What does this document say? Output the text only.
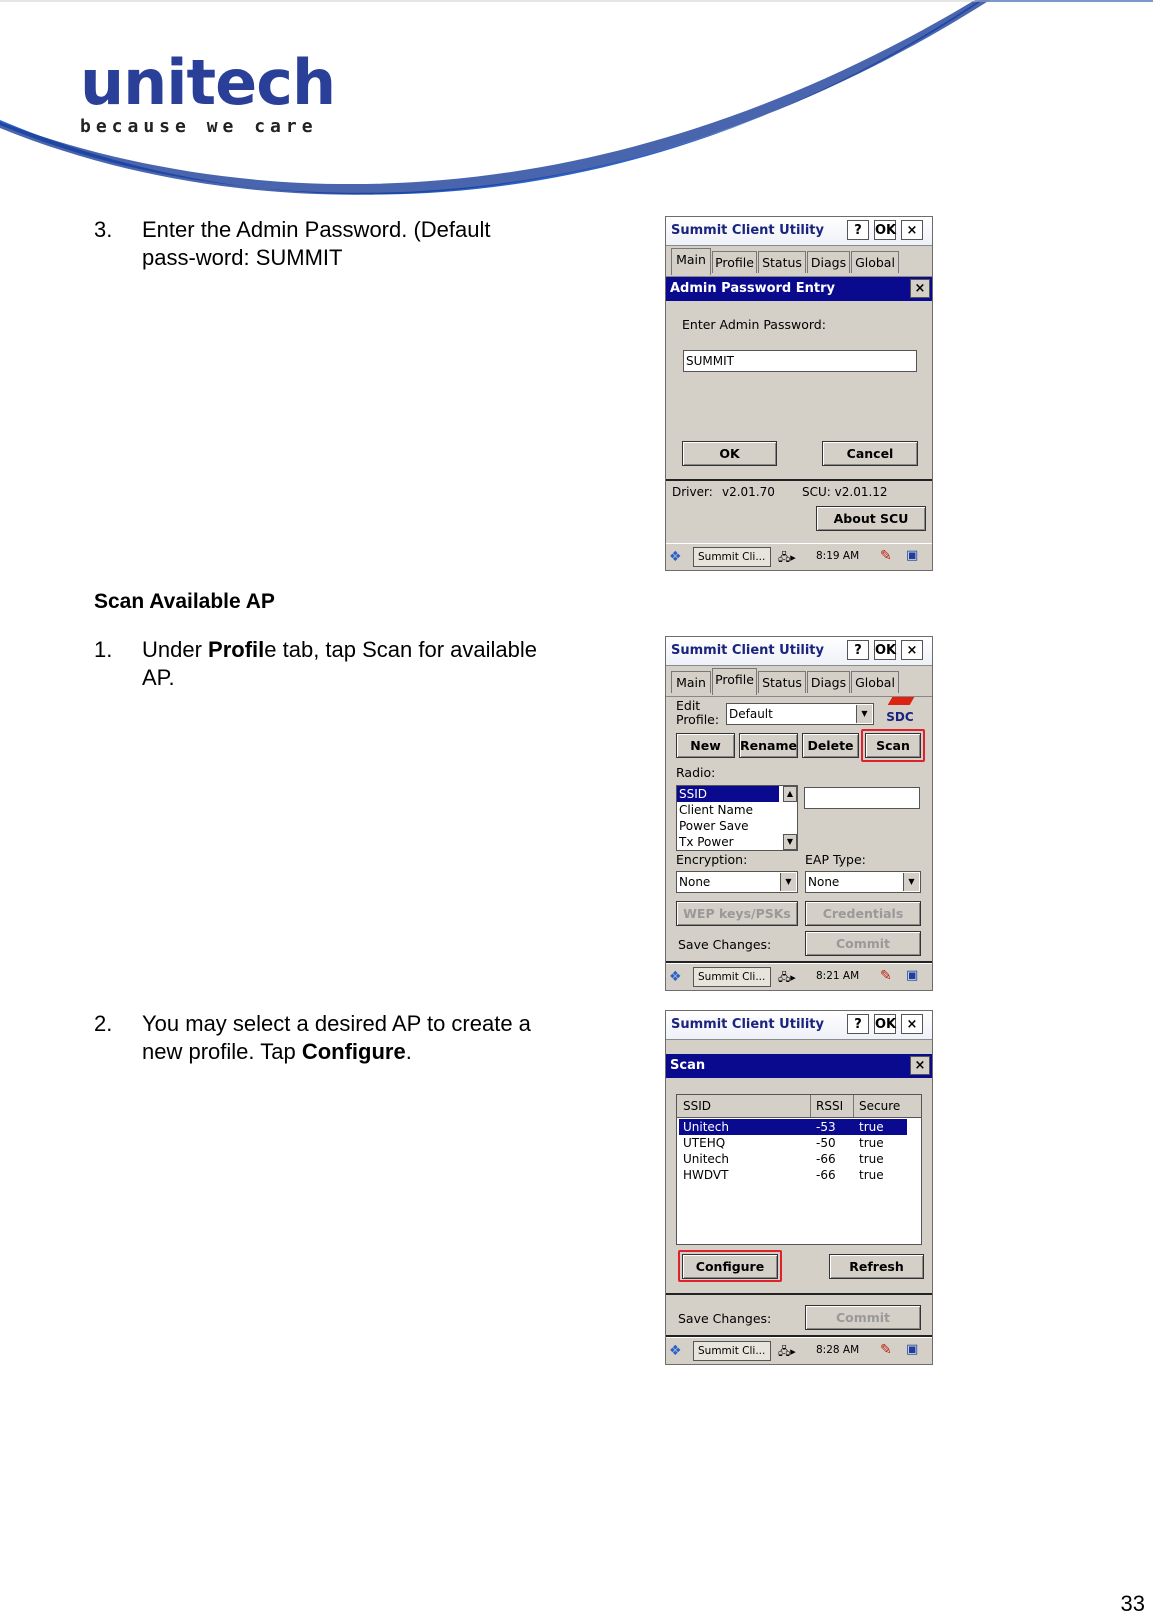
unitech
because we care
3. Enter the Admin Password. (Default
pass-word: SUMMIT
Scan Available AP
1. Under Profile tab, tap Scan for available
AP.
2. You may select a desired AP to create a
new profile. Tap Configure.
Summit Client Utility	?	OK ×
Main Profile Status Diags Global
Admin Password Entry	×
Enter Admin Password:
SUMMIT
OK	Cancel
Driver: v2.01.70 SCU: v2.01.12
About SCU
❖	Summit Cli...	🖧▸ 8:19 AM ✎ ▣
Summit Client Utility	?	OK ×
Main Profile Status Diags Global
Edit
Profile: Default	▼	SDC
New	Rename Delete	Scan
Radio:
SSID
Client Name
Power Save
Tx Power
▲
▼
Encryption:	EAP Type:
None	▼	None	▼
WEP keys/PSKs	Credentials
Save Changes:	Commit
❖	Summit Cli...	🖧▸ 8:21 AM ✎ ▣
Summit Client Utility	?	OK ×
Scan	×
SSID	RSSI Secure
Unitech	-53 true
UTEHQ	-50 true
Unitech	-66 true
HWDVT	-66 true
Configure	Refresh
Save Changes:	Commit
❖	Summit Cli...	🖧▸ 8:28 AM ✎ ▣
33
